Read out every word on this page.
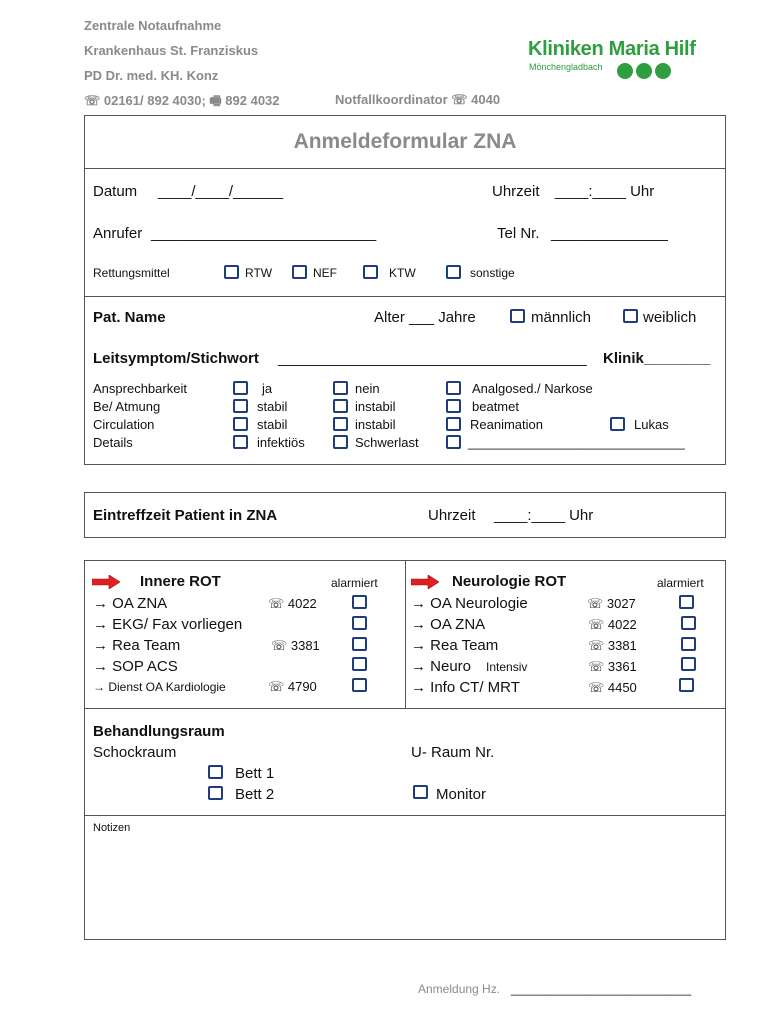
Zentrale Notaufnahme
Krankenhaus St. Franziskus
PD Dr. med. KH. Konz
☏ 02161/ 892 4030; 🖷 892 4032	Notfallkoordinator ☏ 4040
Kliniken Maria Hilf
Mönchengladbach
Anmeldeformular ZNA
Datum ____/____/______	Uhrzeit ____:____ Uhr
Anrufer ___________________________	Tel Nr. ______________
Rettungsmittel	RTW	NEF	KTW	sonstige
Pat. Name	Alter ___ Jahre	männlich	weiblich
Leitsymptom/Stichwort _____________________________________ Klinik________
Ansprechbarkeit	ja	nein	Analgosed./ Narkose
Be/ Atmung	stabil	instabil	beatmet
Circulation	stabil	instabil	Reanimation	Lukas
Details	infektiös	Schwerlast	______________________________
Eintreffzeit Patient in ZNA	Uhrzeit ____:____ Uhr
Innere ROT	alarmiert
→ OA ZNA	☏ 4022
→ EKG/ Fax vorliegen
→ Rea Team	☏ 3381
→ SOP ACS
→ Dienst OA Kardiologie	☏ 4790
Neurologie ROT	alarmiert
→ OA Neurologie	☏ 3027
→ OA ZNA	☏ 4022
→ Rea Team	☏ 3381
→ Neuro Intensiv	☏ 3361
→ Info CT/ MRT	☏ 4450
Behandlungsraum
Schockraum
Bett 1
Bett 2
U- Raum Nr.
Monitor
Notizen
Anmeldung Hz. ___________________________
